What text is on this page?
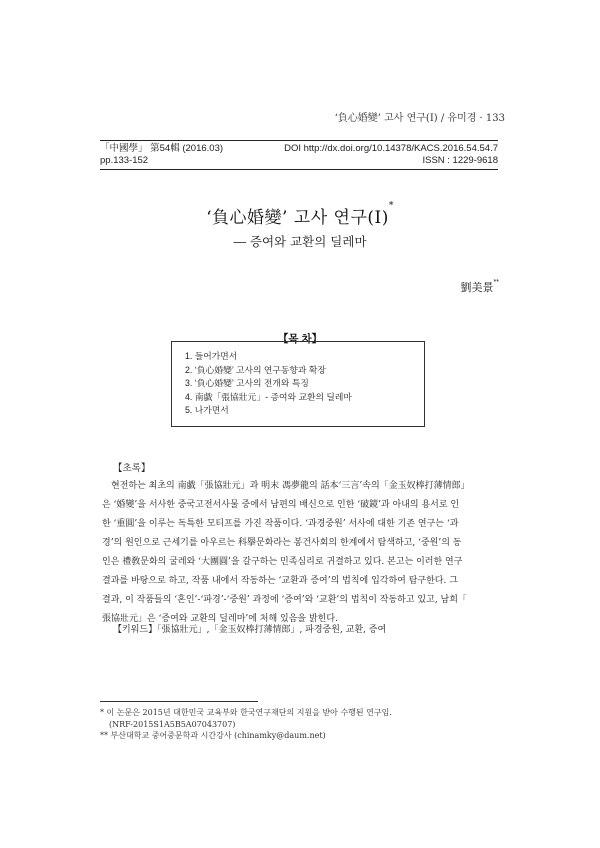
‘負心婚變’ 고사 연구(Ⅰ) / 유미경 · 133
「中國學」 第54輯 (2016.03)	DOI http://dx.doi.org/10.14378/KACS.2016.54.54.7
pp.133-152	ISSN : 1229-9618
‘負心婚變’ 고사 연구(Ⅰ)*
― 증여와 교환의 딜레마
劉美景**
【목 차】
1. 들어가면서
2. ‘負心婚變’ 고사의 연구동향과 확장
3. ‘負心婚變’ 고사의 전개와 특징
4. 南戱「張協壯元」- 증여와 교환의 딜레마
5. 나가면서
【초록】
　현전하는 최초의 南戱「張協壯元」과 明末 馮夢龍의 話本‘三言’속의「金玉奴棒打薄情郎」
은 ‘婚變’을 서사한 중국고전서사물 중에서 남편의 배신으로 인한 ‘破鏡’과 아내의 용서로 인
한 ‘重圓’을 이루는 독특한 모티프를 가진 작품이다. ‘과경중원’ 서사에 대한 기존 연구는 ‘과
경’의 원인으로 근세기를 아우르는 科擧문화라는 봉건사회의 한계에서 탐색하고, ‘중원’의 동
인은 禮敎문화의 굴레와 ‘大團圓’을 갈구하는 민족심리로 귀결하고 있다. 본고는 이러한 연구
결과를 바탕으로 하고, 작품 내에서 작동하는 ‘교환과 증여’의 법칙에 입각하여 탐구한다. 그
결과, 이 작품들의 ‘혼인’-‘파경’-‘중원’ 과정에 ‘증여’와 ‘교환’의 법칙이 작동하고 있고, 남희「
張協壯元」은 ‘증여와 교환의 딜레마’에 처해 있음을 밝힌다.
【키워드】「張協壯元」,「金玉奴棒打薄情郎」, 파경중원, 교환, 증여
* 이 논문은 2015년 대한민국 교육부와 한국연구재단의 지원을 받아 수행된 연구임.
(NRF-2015S1A5B5A07043707)
** 부산대학교 중어중문학과 시간강사 (chinamky@daum.net)
